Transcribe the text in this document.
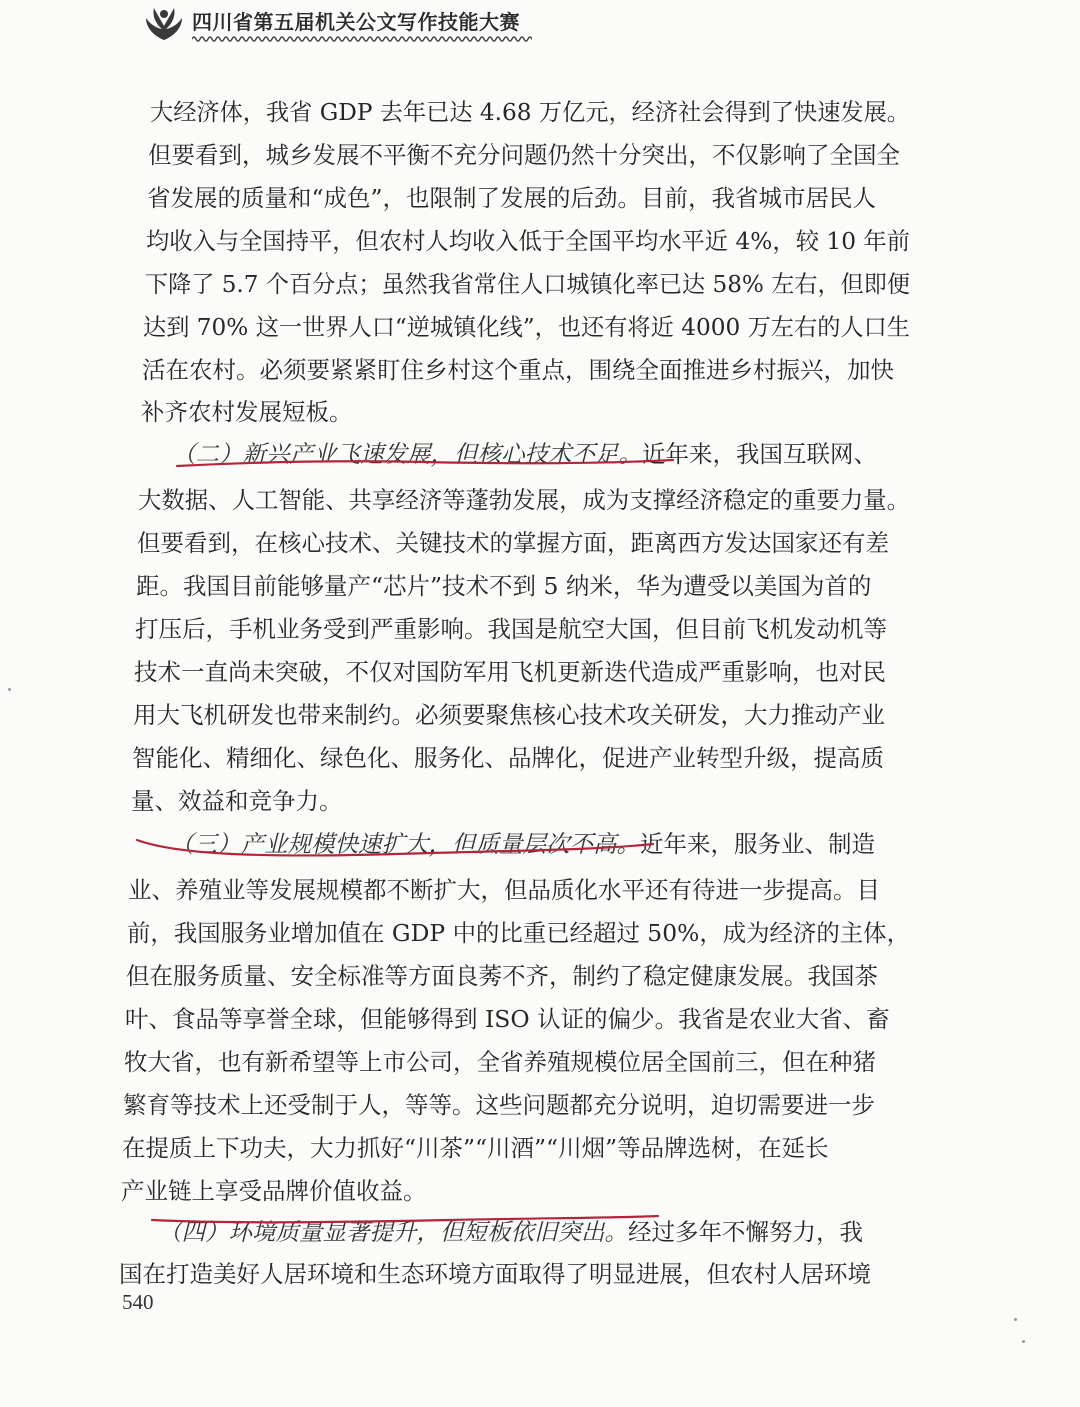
四川省第五届机关公文写作技能大赛
大经济体，我省 GDP 去年已达 4.68 万亿元，经济社会得到了快速发展。
但要看到，城乡发展不平衡不充分问题仍然十分突出，不仅影响了全国全
省发展的质量和“成色”，也限制了发展的后劲。目前，我省城市居民人
均收入与全国持平，但农村人均收入低于全国平均水平近 4%，较 10 年前
下降了 5.7 个百分点；虽然我省常住人口城镇化率已达 58% 左右，但即便
达到 70% 这一世界人口“逆城镇化线”，也还有将近 4000 万左右的人口生
活在农村。必须要紧紧盯住乡村这个重点，围绕全面推进乡村振兴，加快
补齐农村发展短板。
（二）新兴产业飞速发展，但核心技术不足。近年来，我国互联网、
大数据、人工智能、共享经济等蓬勃发展，成为支撑经济稳定的重要力量。
但要看到，在核心技术、关键技术的掌握方面，距离西方发达国家还有差
距。我国目前能够量产“芯片”技术不到 5 纳米，华为遭受以美国为首的
打压后，手机业务受到严重影响。我国是航空大国，但目前飞机发动机等
技术一直尚未突破，不仅对国防军用飞机更新迭代造成严重影响，也对民
用大飞机研发也带来制约。必须要聚焦核心技术攻关研发，大力推动产业
智能化、精细化、绿色化、服务化、品牌化，促进产业转型升级，提高质
量、效益和竞争力。
（三）产业规模快速扩大，但质量层次不高。近年来，服务业、制造
业、养殖业等发展规模都不断扩大，但品质化水平还有待进一步提高。目
前，我国服务业增加值在 GDP 中的比重已经超过 50%，成为经济的主体，
但在服务质量、安全标准等方面良莠不齐，制约了稳定健康发展。我国茶
叶、食品等享誉全球，但能够得到 ISO 认证的偏少。我省是农业大省、畜
牧大省，也有新希望等上市公司，全省养殖规模位居全国前三，但在种猪
繁育等技术上还受制于人，等等。这些问题都充分说明，迫切需要进一步
在提质上下功夫，大力抓好“川茶”“川酒”“川烟”等品牌选树，在延长
产业链上享受品牌价值收益。
（四）环境质量显著提升，但短板依旧突出。经过多年不懈努力，我
国在打造美好人居环境和生态环境方面取得了明显进展，但农村人居环境
540
